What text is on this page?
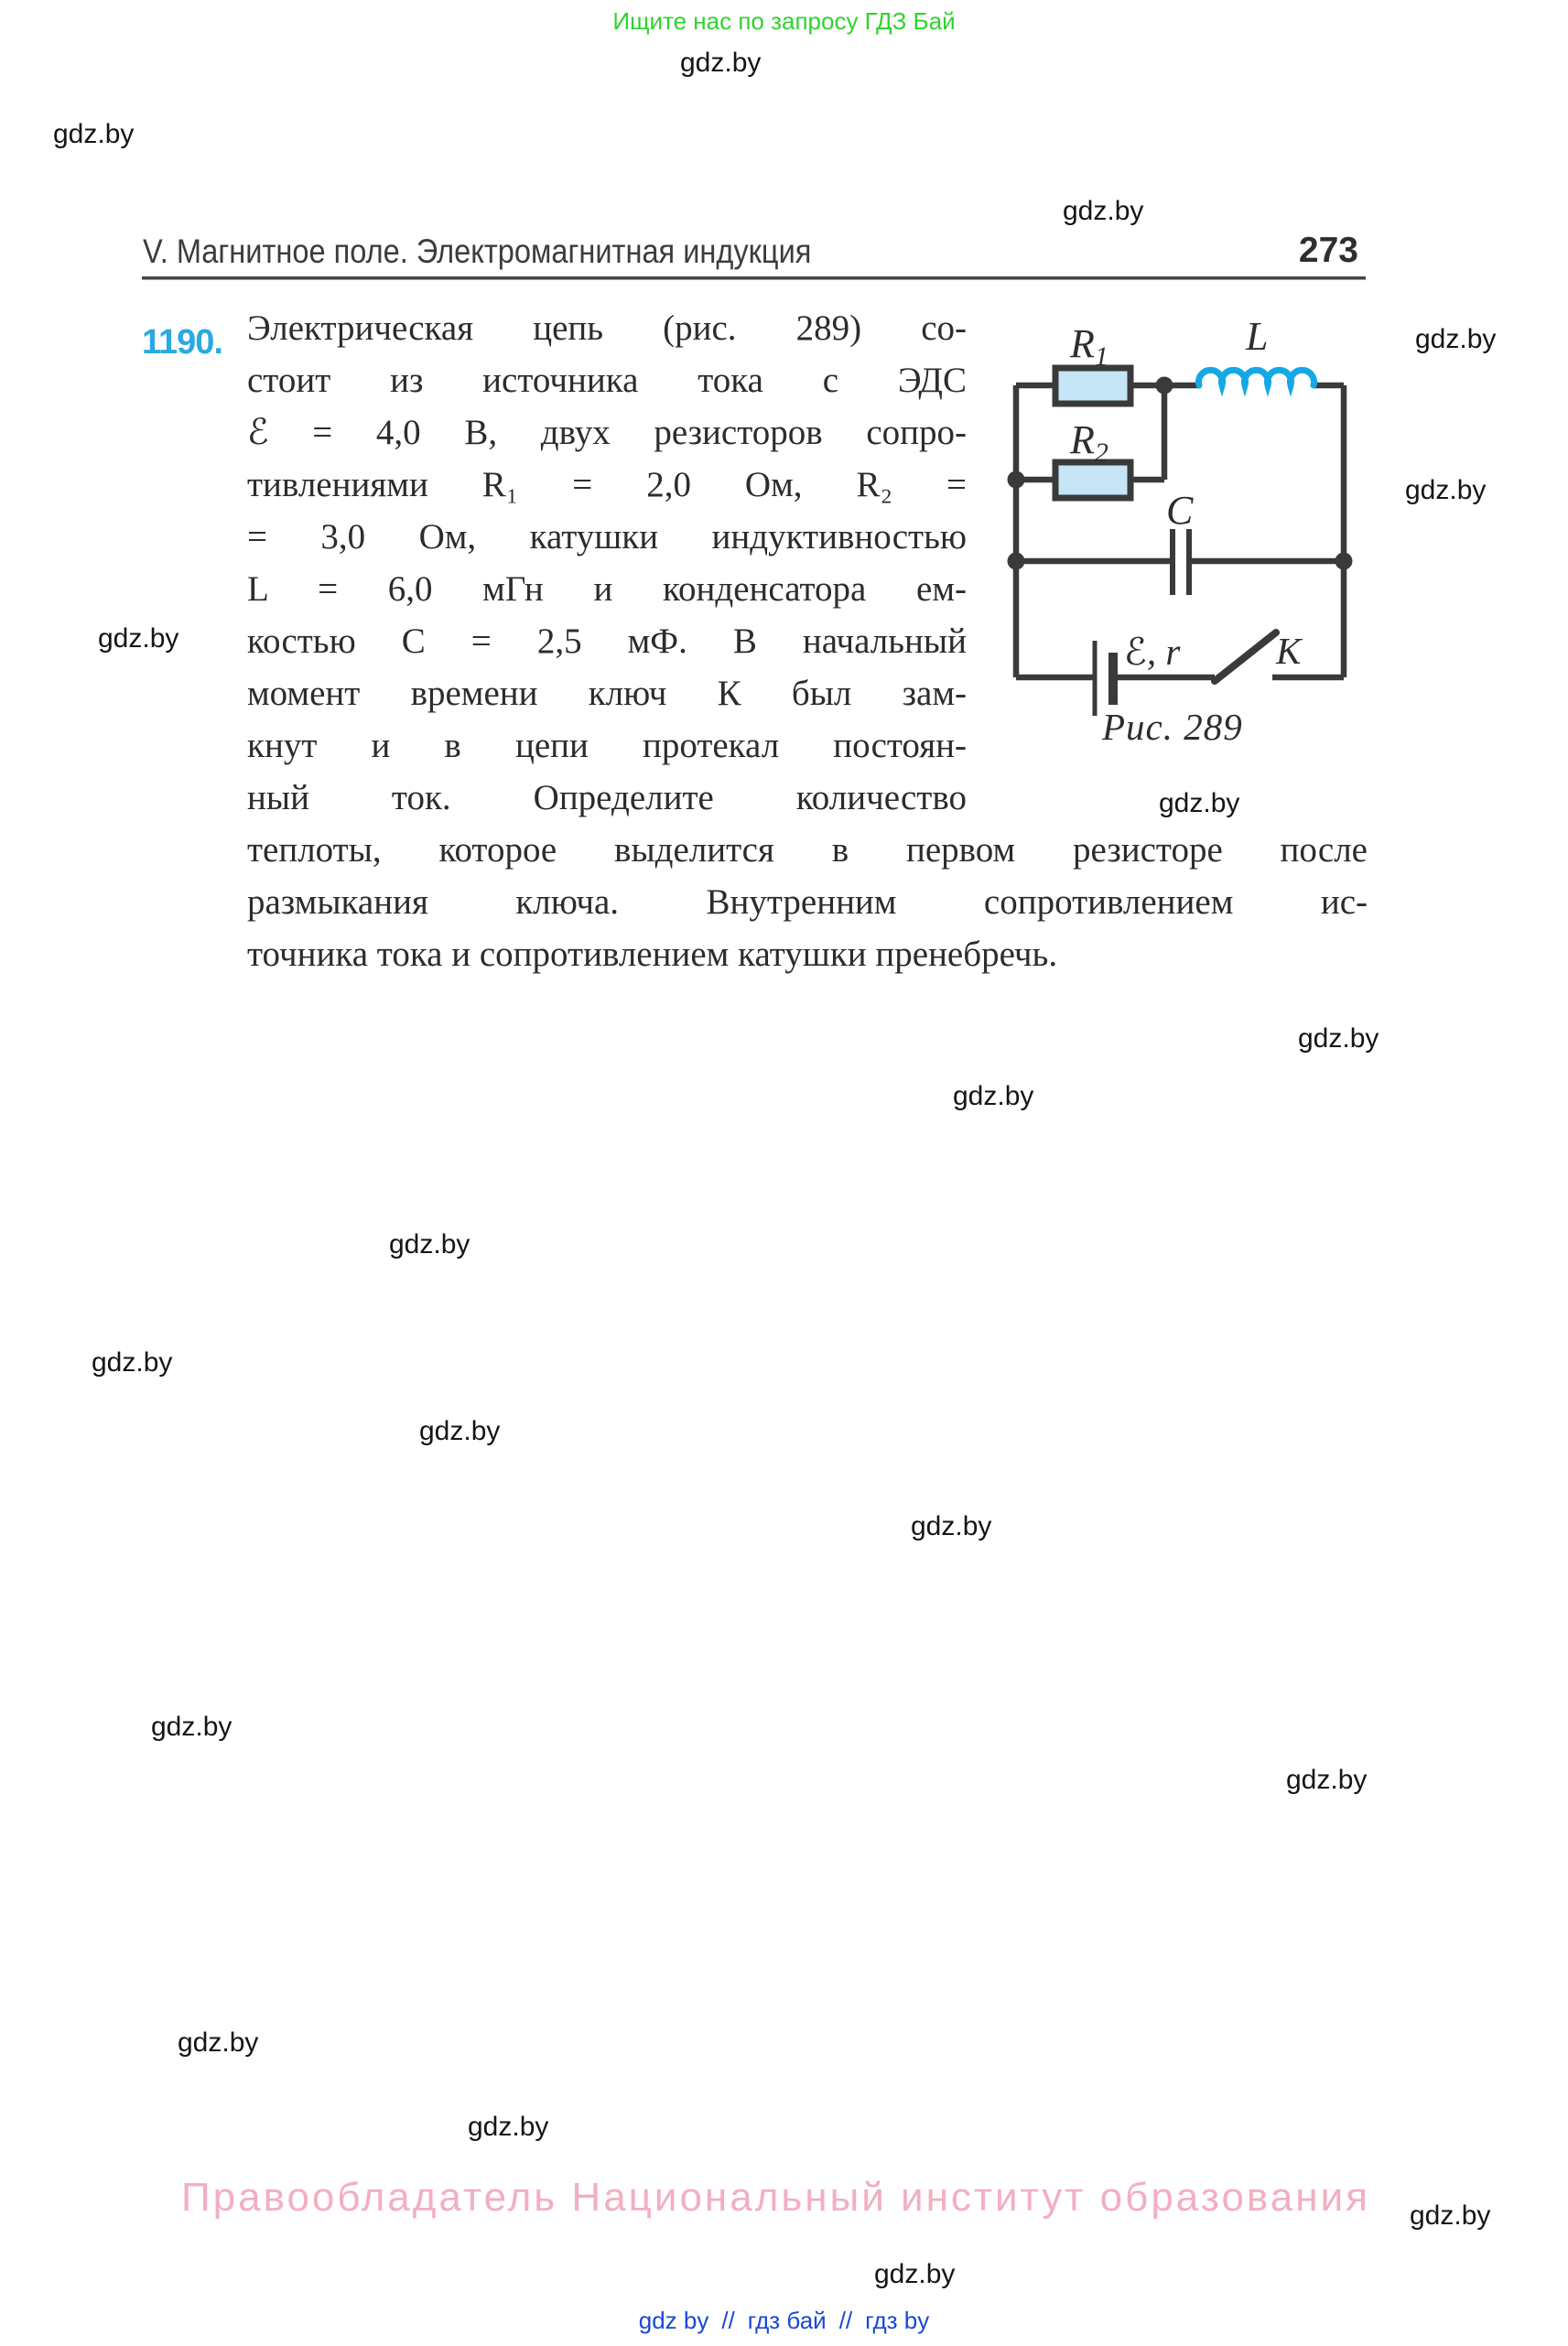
Ищите нас по запросу ГДЗ Бай
V. Магнитное поле. Электромагнитная индукция	273
1190. Электрическая цепь (рис. 289) со-
стоит из источника тока с ЭДС
ℰ = 4,0 В, двух резисторов сопро-
тивлениями R₁ = 2,0 Ом, R₂ =
= 3,0 Ом, катушки индуктивностью
L = 6,0 мГн и конденсатора ем-
костью C = 2,5 мФ. В начальный
момент времени ключ К был зам-
кнут и в цепи протекал постоян-
ный ток. Определите количество
теплоты, которое выделится в первом резисторе после
размыкания ключа. Внутренним сопротивлением ис-
точника тока и сопротивлением катушки пренебречь.
$R_1$
$R_2$
L
C
ℰ, r	К
Рис. 289
Правообладатель Национальный институт образования
gdz by // гдз бай // гдз by
gdz.by
gdz.by
gdz.by
gdz.by
gdz.by
gdz.by
gdz.by
gdz.by
gdz.by
gdz.by
gdz.by
gdz.by
gdz.by
gdz.by
gdz.by
gdz.by
gdz.by
gdz.by
gdz.by
